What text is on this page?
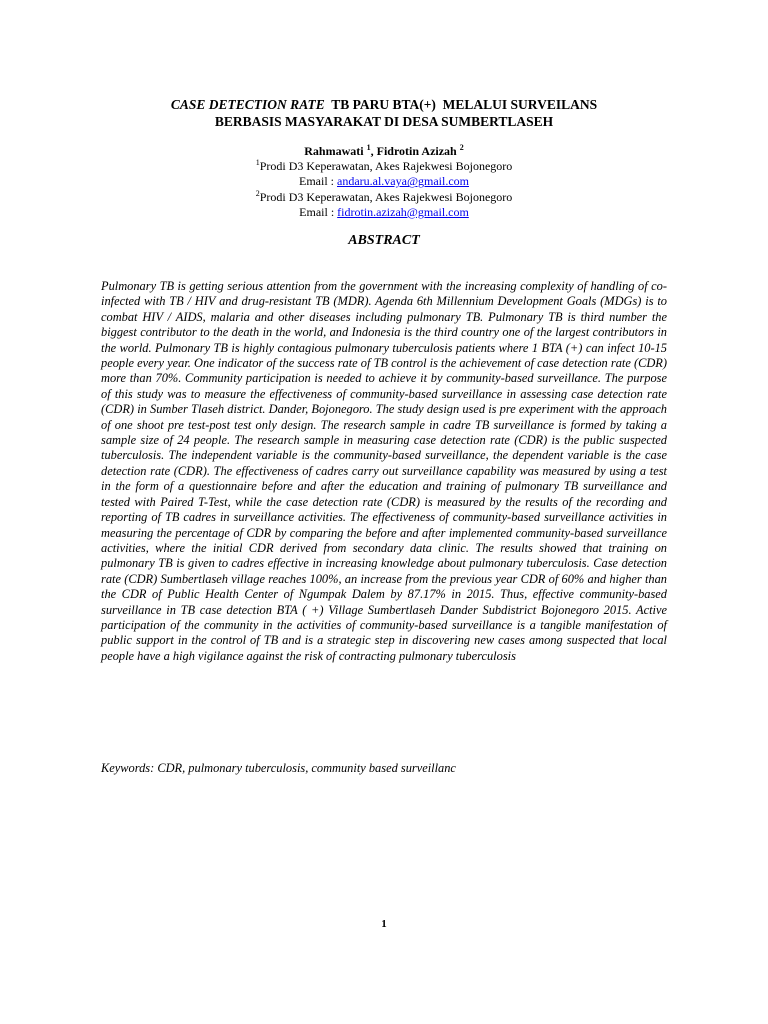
CASE DETECTION RATE  TB PARU BTA(+)  MELALUI SURVEILANS
BERBASIS MASYARAKAT DI DESA SUMBERTLASEH
Rahmawati $^1$, Fidrotin Azizah $^2$
$^1$Prodi D3 Keperawatan, Akes Rajekwesi Bojonegoro
Email : andaru.al.vaya@gmail.com
$^2$Prodi D3 Keperawatan, Akes Rajekwesi Bojonegoro
Email : fidrotin.azizah@gmail.com
ABSTRACT

Pulmonary TB is getting serious attention from the government with the increasing complexity of handling of co-infected with TB / HIV and drug-resistant TB (MDR). Agenda 6th Millennium Development Goals (MDGs) is to combat HIV / AIDS, malaria and other diseases including pulmonary TB. Pulmonary TB is third number the biggest contributor to the death in the world, and Indonesia is the third country one of the largest contributors in the world. Pulmonary TB is highly contagious pulmonary tuberculosis patients where 1 BTA (+) can infect 10-15 people every year. One indicator of the success rate of TB control is the achievement of case detection rate (CDR) more than 70%. Community participation is needed to achieve it by community-based surveillance. The purpose of this study was to measure the effectiveness of community-based surveillance in assessing case detection rate (CDR) in Sumber Tlaseh district. Dander, Bojonegoro. The study design used is pre experiment with the approach of one shoot pre test-post test only design. The research sample in cadre TB surveillance is formed by taking a sample size of 24 people. The research sample in measuring case detection rate (CDR) is the public suspected tuberculosis. The independent variable is the community-based surveillance, the dependent variable is the case detection rate (CDR). The effectiveness of cadres carry out surveillance capability was measured by using a test in the form of a questionnaire before and after the education and training of pulmonary TB surveillance and tested with Paired T-Test, while the case detection rate (CDR) is measured by the results of the recording and reporting of TB cadres in surveillance activities. The effectiveness of community-based surveillance activities in measuring the percentage of CDR by comparing the before and after implemented community-based surveillance activities, where the initial CDR derived from secondary data clinic. The results showed that training on pulmonary TB is given to cadres effective in increasing knowledge about pulmonary tuberculosis. Case detection rate (CDR) Sumbertlaseh village reaches 100%, an increase from the previous year CDR of 60% and higher than the CDR of Public Health Center of Ngumpak Dalem by 87.17% in 2015. Thus, effective community-based surveillance in TB case detection BTA ( +) Village Sumbertlaseh Dander Subdistrict Bojonegoro 2015. Active participation of the community in the activities of community-based surveillance is a tangible manifestation of public support in the control of TB and is a strategic step in discovering new cases among suspected that local people have a high vigilance against the risk of contracting pulmonary tuberculosis

Keywords: CDR, pulmonary tuberculosis, community based surveillanc

1
